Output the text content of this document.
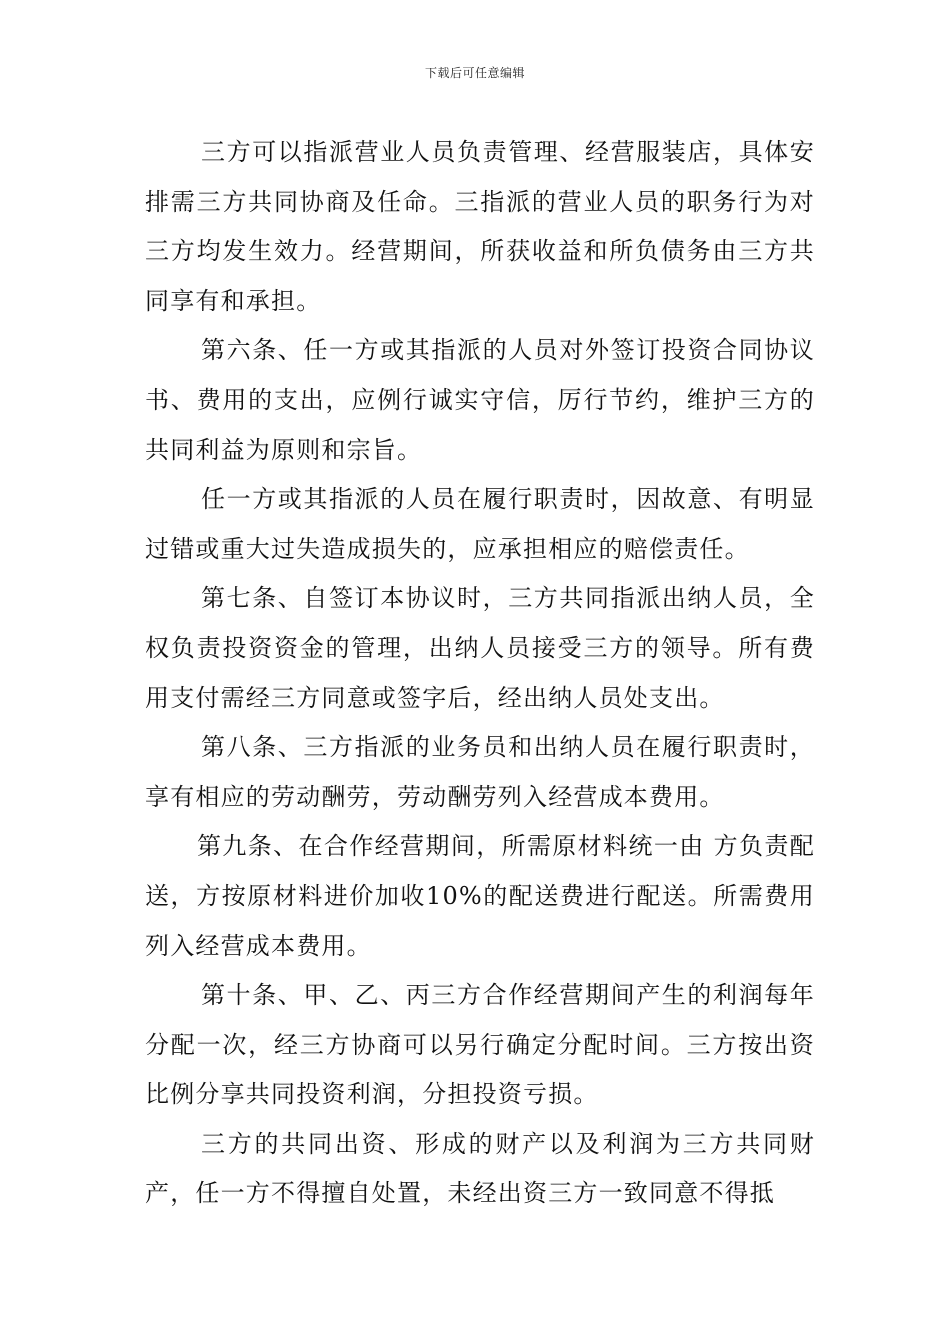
下载后可任意编辑

三方可以指派营业人员负责管理、经营服装店，具体安排需三方共同协商及任命。三指派的营业人员的职务行为对三方均发生效力。经营期间，所获收益和所负债务由三方共同享有和承担。

第六条、任一方或其指派的人员对外签订投资合同协议书、费用的支出，应例行诚实守信，厉行节约，维护三方的共同利益为原则和宗旨。

任一方或其指派的人员在履行职责时，因故意、有明显过错或重大过失造成损失的，应承担相应的赔偿责任。

第七条、自签订本协议时，三方共同指派出纳人员，全权负责投资资金的管理，出纳人员接受三方的领导。所有费用支付需经三方同意或签字后，经出纳人员处支出。

第八条、三方指派的业务员和出纳人员在履行职责时，享有相应的劳动酬劳，劳动酬劳列入经营成本费用。

第九条、在合作经营期间，所需原材料统一由 方负责配送，方按原材料进价加收10%的配送费进行配送。所需费用列入经营成本费用。

第十条、甲、乙、丙三方合作经营期间产生的利润每年分配一次，经三方协商可以另行确定分配时间。三方按出资比例分享共同投资利润，分担投资亏损。

三方的共同出资、形成的财产以及利润为三方共同财产，任一方不得擅自处置，未经出资三方一致同意不得抵
